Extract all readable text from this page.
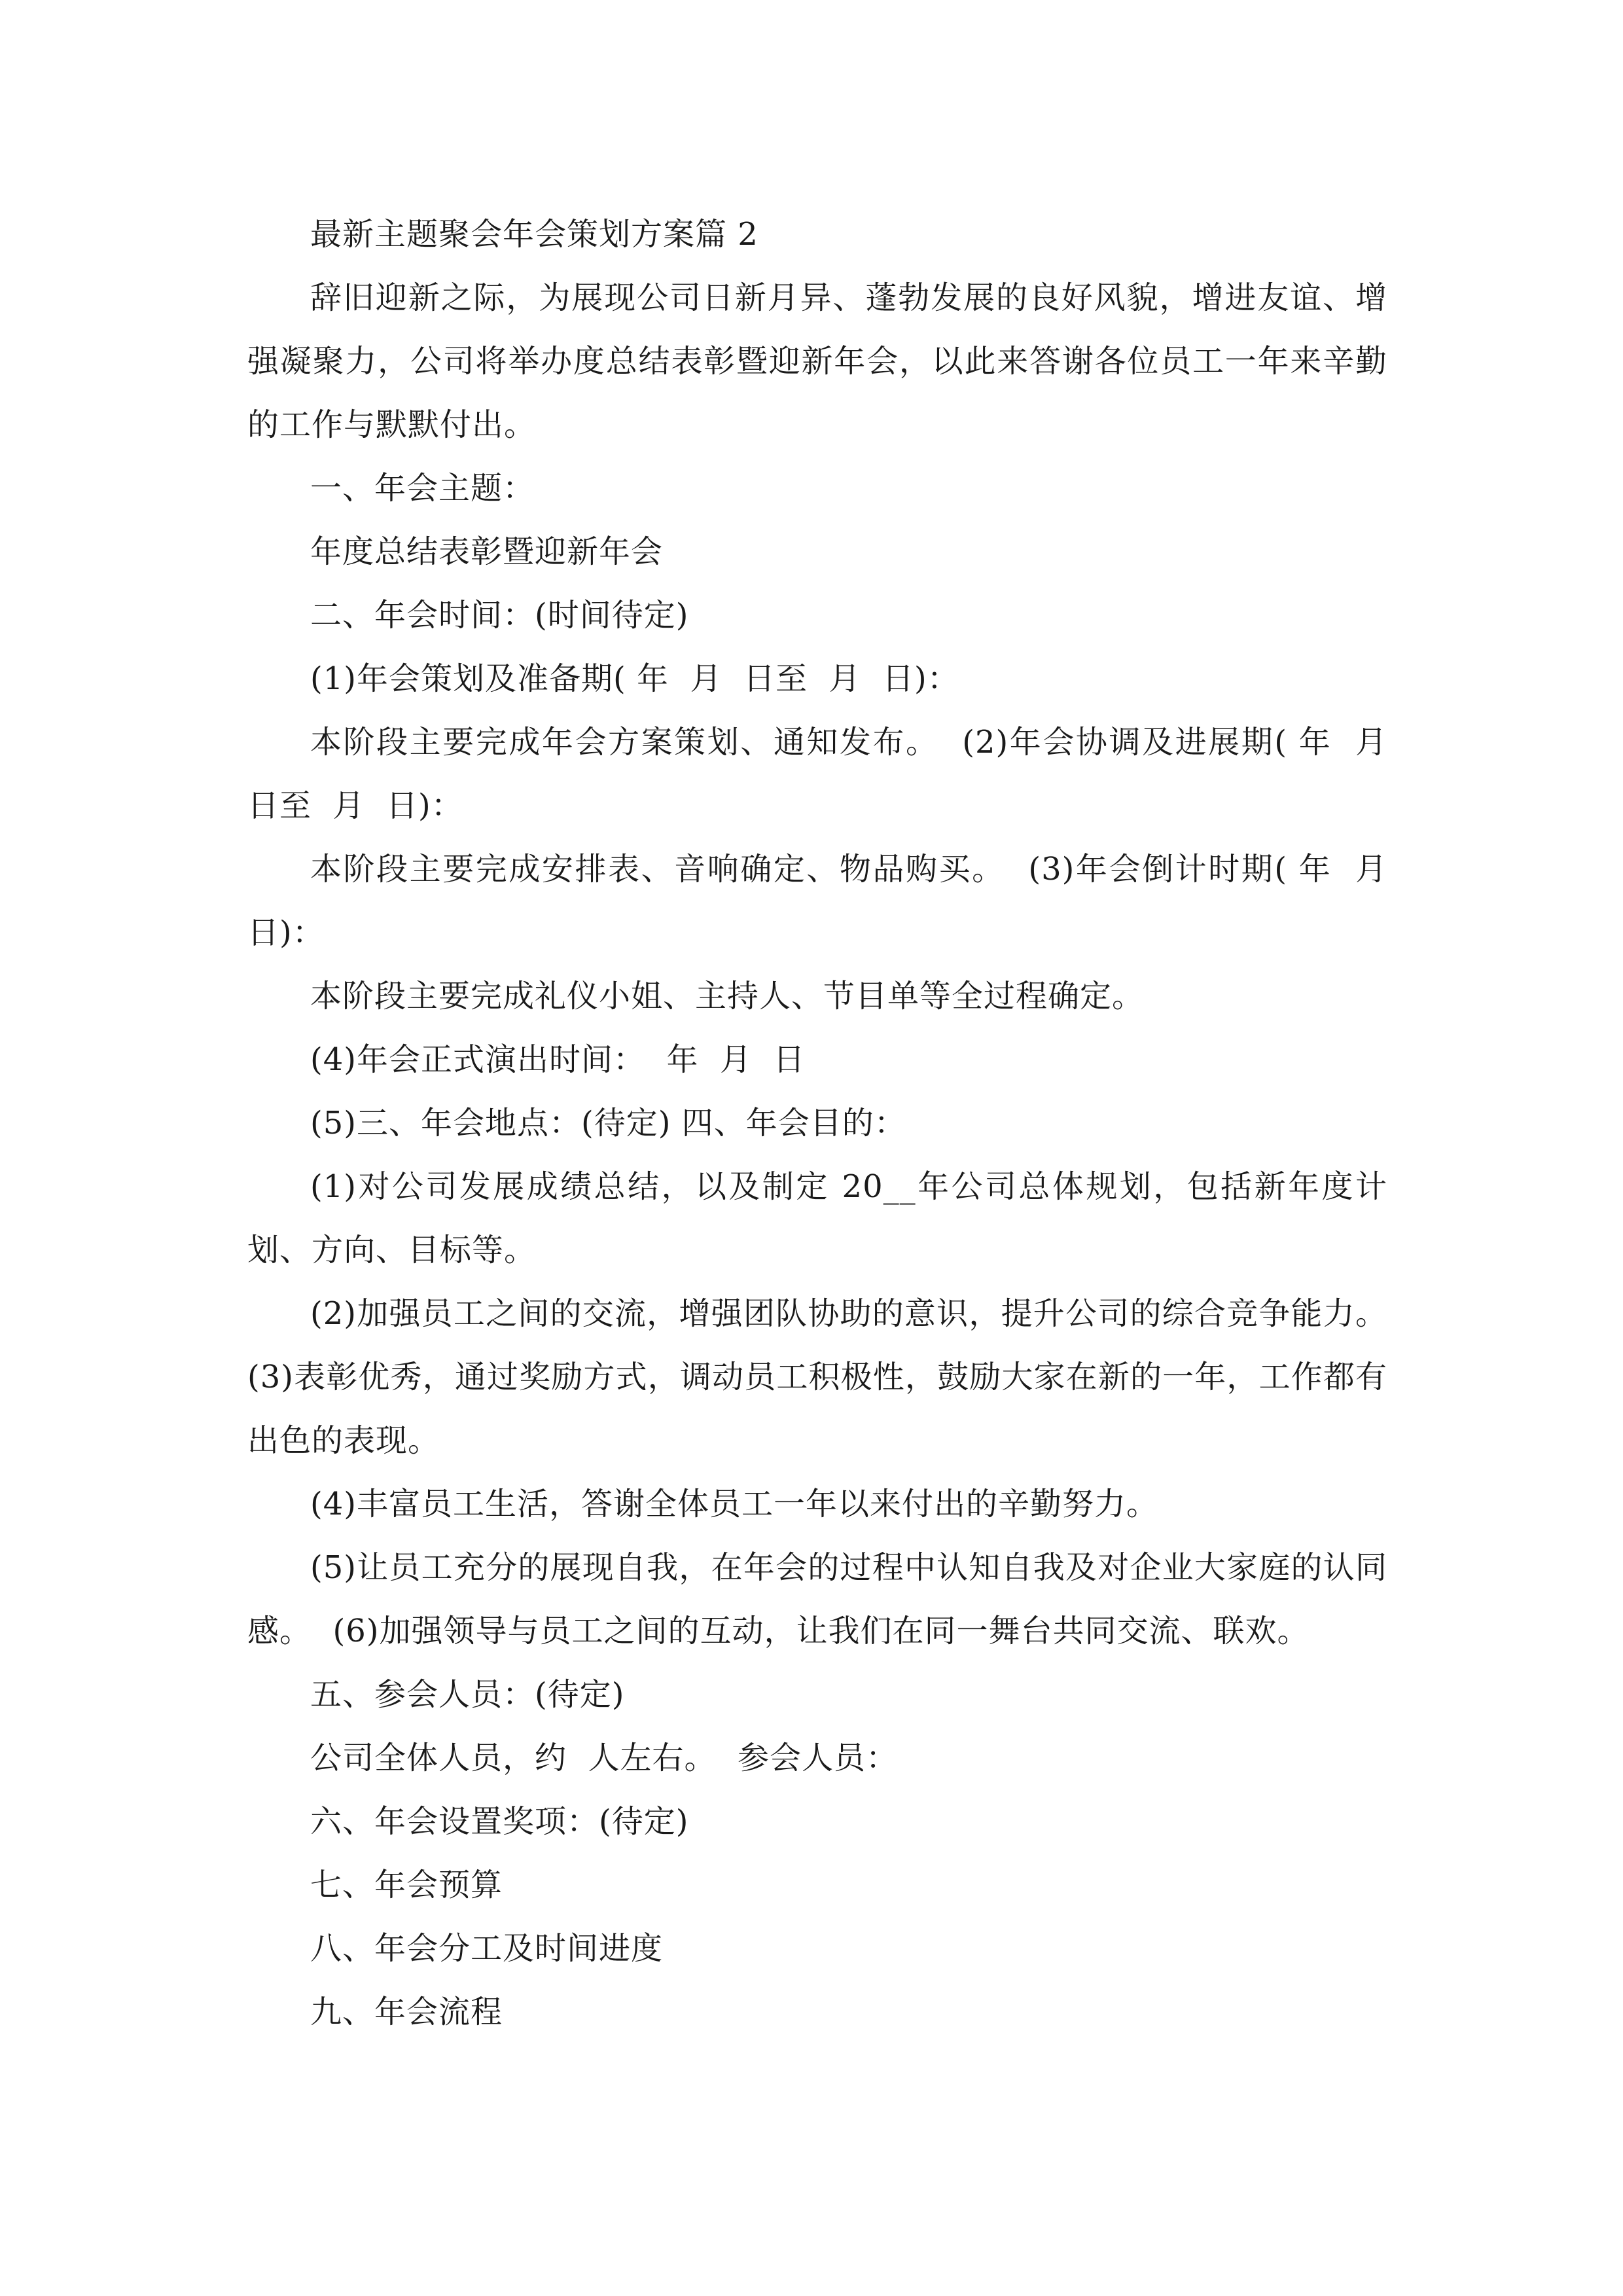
最新主题聚会年会策划方案篇 2

辞旧迎新之际，为展现公司日新月异、蓬勃发展的良好风貌，增进友谊、增强凝聚力，公司将举办度总结表彰暨迎新年会，以此来答谢各位员工一年来辛勤的工作与默默付出。

一、年会主题：

年度总结表彰暨迎新年会

二、年会时间：(时间待定)

(1)年会策划及准备期( 年  月  日至  月  日)：

本阶段主要完成年会方案策划、通知发布。  (2)年会协调及进展期( 年  月  日至  月  日)：

本阶段主要完成安排表、音响确定、物品购买。  (3)年会倒计时期( 年  月  日)：

本阶段主要完成礼仪小姐、主持人、节目单等全过程确定。

(4)年会正式演出时间：  年  月  日

(5)三、年会地点：(待定) 四、年会目的：

(1)对公司发展成绩总结，以及制定 20__年公司总体规划，包括新年度计划、方向、目标等。

(2)加强员工之间的交流，增强团队协助的意识，提升公司的综合竞争能力。(3)表彰优秀，通过奖励方式，调动员工积极性，鼓励大家在新的一年，工作都有出色的表现。

(4)丰富员工生活，答谢全体员工一年以来付出的辛勤努力。

(5)让员工充分的展现自我，在年会的过程中认知自我及对企业大家庭的认同感。  (6)加强领导与员工之间的互动，让我们在同一舞台共同交流、联欢。

五、参会人员：(待定)

公司全体人员，约  人左右。  参会人员：

六、年会设置奖项：(待定)

七、年会预算

八、年会分工及时间进度

九、年会流程
